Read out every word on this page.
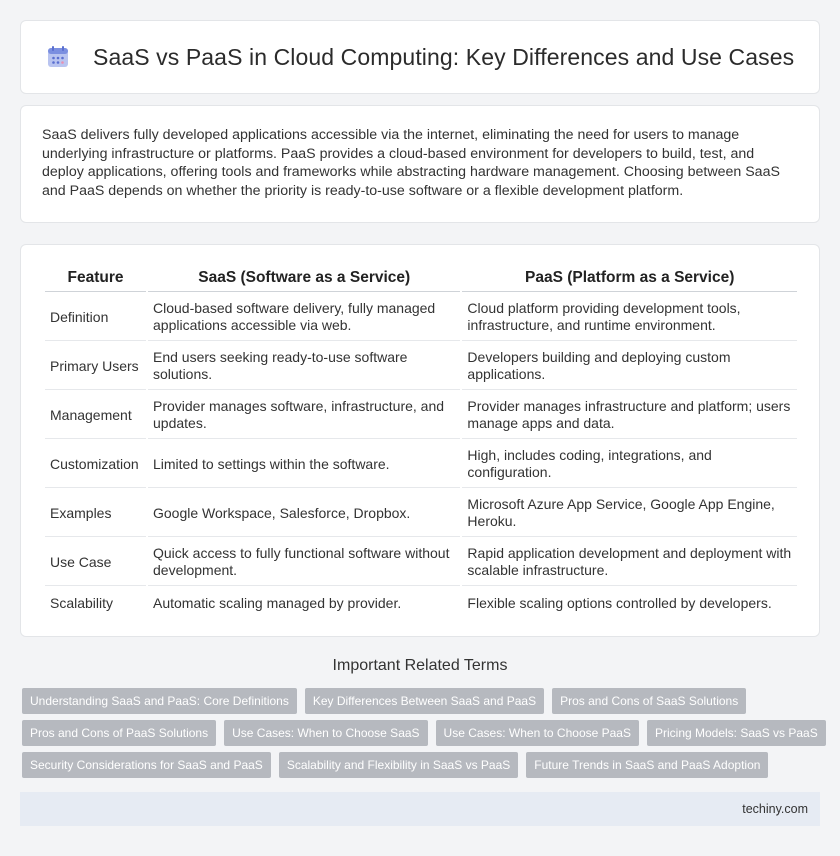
SaaS vs PaaS in Cloud Computing: Key Differences and Use Cases

SaaS delivers fully developed applications accessible via the internet, eliminating the need for users to manage underlying infrastructure or platforms. PaaS provides a cloud-based environment for developers to build, test, and deploy applications, offering tools and frameworks while abstracting hardware management. Choosing between SaaS and PaaS depends on whether the priority is ready-to-use software or a flexible development platform.

Feature	SaaS (Software as a Service)	PaaS (Platform as a Service)
Definition	Cloud-based software delivery, fully managed applications accessible via web.	Cloud platform providing development tools, infrastructure, and runtime environment.
Primary Users	End users seeking ready-to-use software solutions.	Developers building and deploying custom applications.
Management	Provider manages software, infrastructure, and updates.	Provider manages infrastructure and platform; users manage apps and data.
Customization	Limited to settings within the software.	High, includes coding, integrations, and configuration.
Examples	Google Workspace, Salesforce, Dropbox.	Microsoft Azure App Service, Google App Engine, Heroku.
Use Case	Quick access to fully functional software without development.	Rapid application development and deployment with scalable infrastructure.
Scalability	Automatic scaling managed by provider.	Flexible scaling options controlled by developers.
Important Related Terms
Understanding SaaS and PaaS: Core Definitions	Key Differences Between SaaS and PaaS	Pros and Cons of SaaS Solutions
Pros and Cons of PaaS Solutions	Use Cases: When to Choose SaaS	Use Cases: When to Choose PaaS	Pricing Models: SaaS vs PaaS
Security Considerations for SaaS and PaaS	Scalability and Flexibility in SaaS vs PaaS	Future Trends in SaaS and PaaS Adoption
techiny.com
